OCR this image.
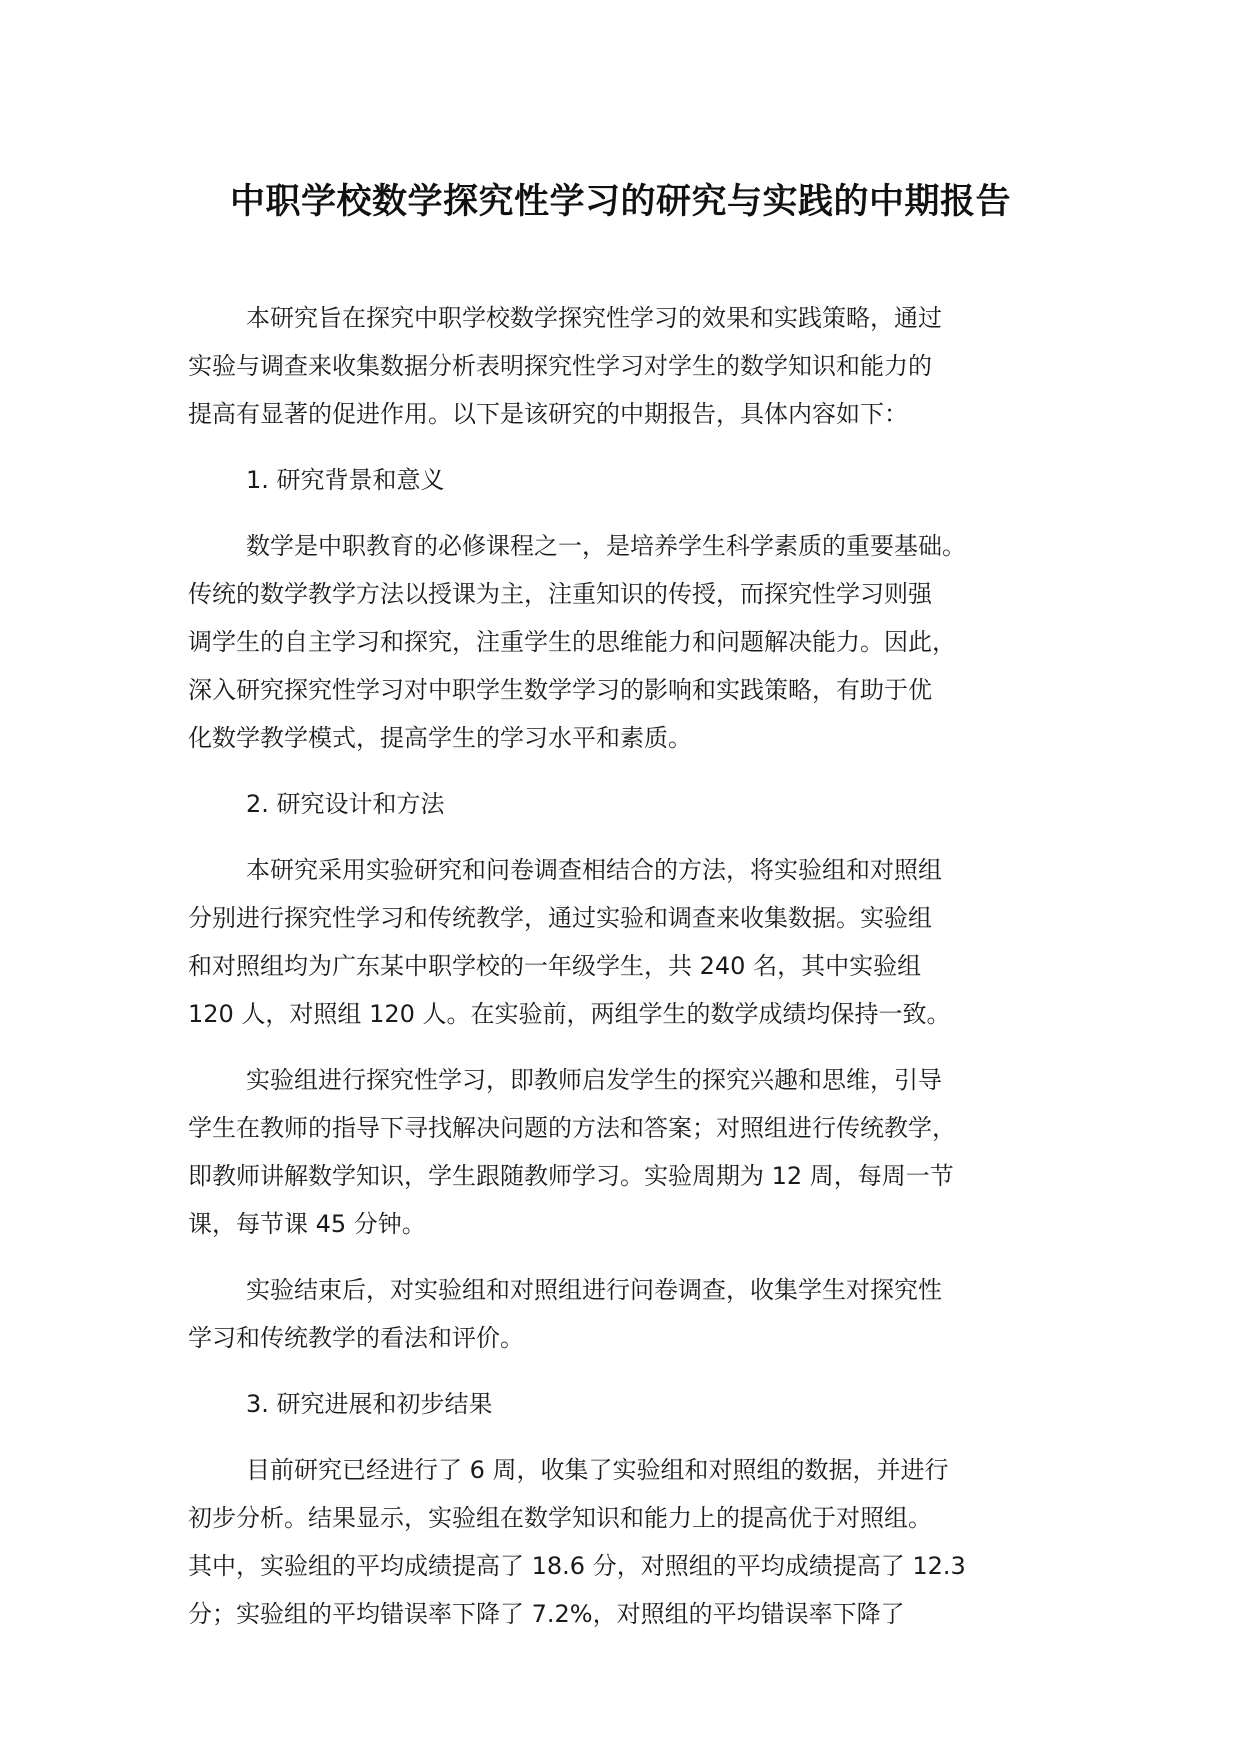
中职学校数学探究性学习的研究与实践的中期报告
本研究旨在探究中职学校数学探究性学习的效果和实践策略，通过
实验与调查来收集数据分析表明探究性学习对学生的数学知识和能力的
提高有显著的促进作用。以下是该研究的中期报告，具体内容如下：
1. 研究背景和意义
数学是中职教育的必修课程之一，是培养学生科学素质的重要基础。
传统的数学教学方法以授课为主，注重知识的传授，而探究性学习则强
调学生的自主学习和探究，注重学生的思维能力和问题解决能力。因此，
深入研究探究性学习对中职学生数学学习的影响和实践策略，有助于优
化数学教学模式，提高学生的学习水平和素质。
2. 研究设计和方法
本研究采用实验研究和问卷调查相结合的方法，将实验组和对照组
分别进行探究性学习和传统教学，通过实验和调查来收集数据。实验组
和对照组均为广东某中职学校的一年级学生，共 240 名，其中实验组
120 人，对照组 120 人。在实验前，两组学生的数学成绩均保持一致。
实验组进行探究性学习，即教师启发学生的探究兴趣和思维，引导
学生在教师的指导下寻找解决问题的方法和答案；对照组进行传统教学，
即教师讲解数学知识，学生跟随教师学习。实验周期为 12 周，每周一节
课，每节课 45 分钟。
实验结束后，对实验组和对照组进行问卷调查，收集学生对探究性
学习和传统教学的看法和评价。
3. 研究进展和初步结果
目前研究已经进行了 6 周，收集了实验组和对照组的数据，并进行
初步分析。结果显示，实验组在数学知识和能力上的提高优于对照组。
其中，实验组的平均成绩提高了 18.6 分，对照组的平均成绩提高了 12.3
分；实验组的平均错误率下降了 7.2%，对照组的平均错误率下降了
